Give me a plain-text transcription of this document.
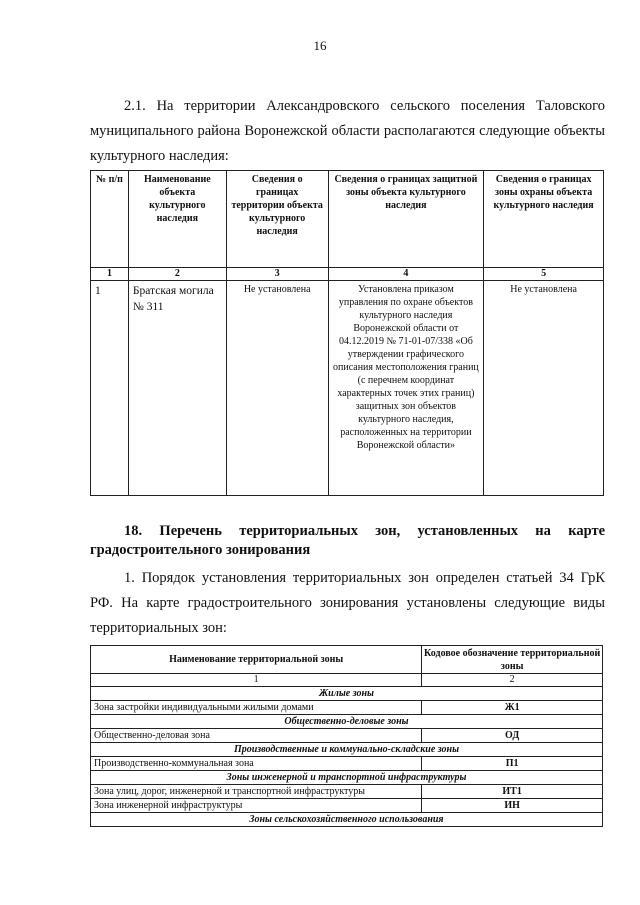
16

2.1. На территории Александровского сельского поселения Таловского муниципального района Воронежской области располагаются следующие объекты культурного наследия:

№ п/п	Наименование объекта культурного наследия	Сведения о границах территории объекта культурного наследия	Сведения о границах защитной зоны объекта культурного наследия	Сведения о границах зоны охраны объекта культурного наследия
1	2	3	4	5
1	Братская могила № 311	Не установлена	Установлена приказом управления по охране объектов культурного наследия Воронежской области от 04.12.2019 № 71-01-07/338 «Об утверждении графического описания местоположения границ (с перечнем координат характерных точек этих границ) защитных зон объектов культурного наследия, расположенных на территории Воронежской области»	Не установлена

18. Перечень территориальных зон, установленных на карте градостроительного зонирования

1. Порядок установления территориальных зон определен статьей 34 ГрК РФ. На карте градостроительного зонирования установлены следующие виды территориальных зон:

Наименование территориальной зоны	Кодовое обозначение территориальной зоны
1	2
Жилые зоны	
Зона застройки индивидуальными жилыми домами	Ж1
Общественно-деловые зоны	
Общественно-деловая зона	ОД
Производственные и коммунально-складские зоны	
Производственно-коммунальная зона	П1
Зоны инженерной и транспортной инфраструктуры	
Зона улиц, дорог, инженерной и транспортной инфраструктуры	ИТ1
Зона инженерной инфраструктуры	ИН
Зоны сельскохозяйственного использования	
